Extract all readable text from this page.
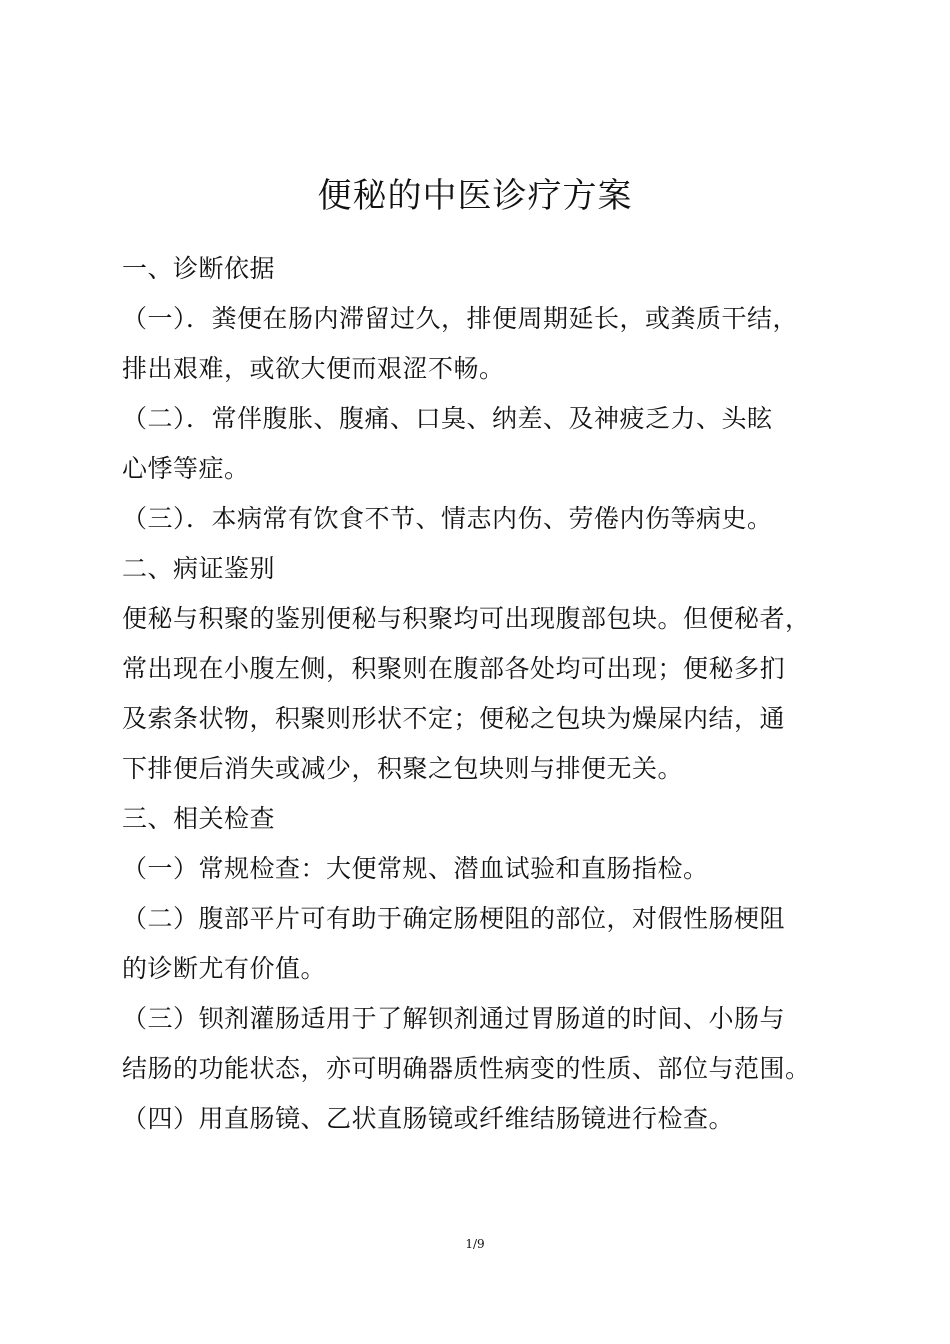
便秘的中医诊疗方案
一、诊断依据
（一）．粪便在肠内滞留过久，排便周期延长，或粪质干结，
排出艰难，或欲大便而艰涩不畅。
（二）．常伴腹胀、腹痛、口臭、纳差、及神疲乏力、头眩
心悸等症。
（三）．本病常有饮食不节、情志内伤、劳倦内伤等病史。
二、病证鉴别
便秘与积聚的鉴别便秘与积聚均可出现腹部包块。但便秘者，
常出现在小腹左侧，积聚则在腹部各处均可出现；便秘多扪
及索条状物，积聚则形状不定；便秘之包块为燥屎内结，通
下排便后消失或减少，积聚之包块则与排便无关。
三、相关检查
（一）常规检查：大便常规、潜血试验和直肠指检。
（二）腹部平片可有助于确定肠梗阻的部位，对假性肠梗阻
的诊断尤有价值。
（三）钡剂灌肠适用于了解钡剂通过胃肠道的时间、小肠与
结肠的功能状态，亦可明确器质性病变的性质、部位与范围。
（四）用直肠镜、乙状直肠镜或纤维结肠镜进行检查。
1/9
